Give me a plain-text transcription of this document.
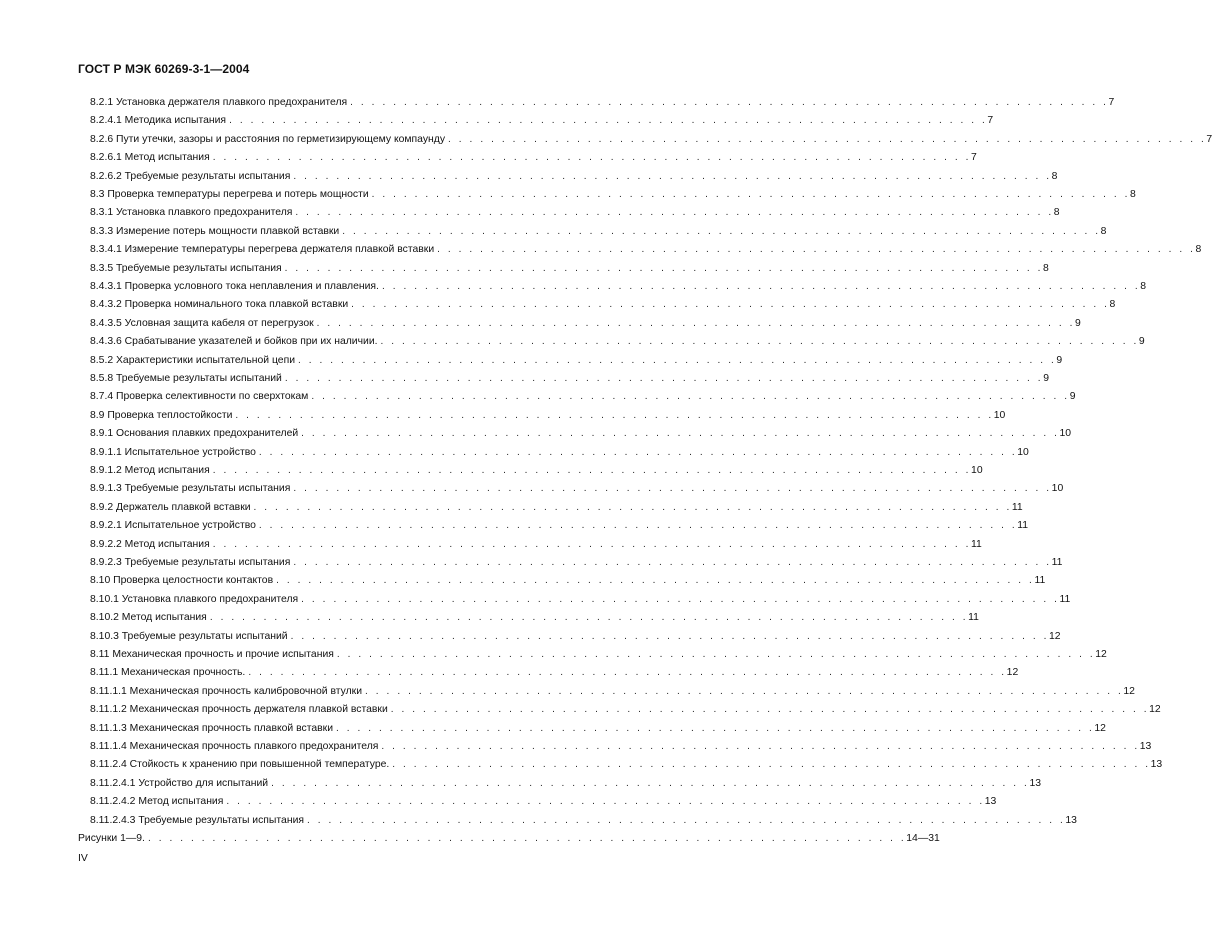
ГОСТ Р МЭК 60269-3-1—2004
8.2.1 Установка держателя плавкого предохранителя . . . . . . . . . . . . . . . . . . . . . . . . . . . . . . . . . . . . . . . . . . . . . . . . . . . . . . . . . . . . . . . . . . . . . . . 7
8.2.4.1 Методика испытания . . . . . . . . . . . . . . . . . . . . . . . . . . . . . . . . . . . . . . . . . . . . . . . . . . . . . . . . . . . . . . . . . . . . . . . 7
8.2.6 Пути утечки, зазоры и расстояния по герметизирующему компаунду . . . . . . . . . . . . . . . . . . . . . . . . . . . . . . . . . . . . . . . . . . . . . . . . . . . . . . . . . . . . . . . . . . . . . . . 7
8.2.6.1 Метод испытания . . . . . . . . . . . . . . . . . . . . . . . . . . . . . . . . . . . . . . . . . . . . . . . . . . . . . . . . . . . . . . . . . . . . . . . 7
8.2.6.2 Требуемые результаты испытания . . . . . . . . . . . . . . . . . . . . . . . . . . . . . . . . . . . . . . . . . . . . . . . . . . . . . . . . . . . . . . . . . . . . . . . 8
8.3 Проверка температуры перегрева и потерь мощности . . . . . . . . . . . . . . . . . . . . . . . . . . . . . . . . . . . . . . . . . . . . . . . . . . . . . . . . . . . . . . . . . . . . . . . 8
8.3.1 Установка плавкого предохранителя . . . . . . . . . . . . . . . . . . . . . . . . . . . . . . . . . . . . . . . . . . . . . . . . . . . . . . . . . . . . . . . . . . . . . . . 8
8.3.3 Измерение потерь мощности плавкой вставки . . . . . . . . . . . . . . . . . . . . . . . . . . . . . . . . . . . . . . . . . . . . . . . . . . . . . . . . . . . . . . . . . . . . . . . 8
8.3.4.1 Измерение температуры перегрева держателя плавкой вставки . . . . . . . . . . . . . . . . . . . . . . . . . . . . . . . . . . . . . . . . . . . . . . . . . . . . . . . . . . . . . . . . . . . . . . . 8
8.3.5 Требуемые результаты испытания . . . . . . . . . . . . . . . . . . . . . . . . . . . . . . . . . . . . . . . . . . . . . . . . . . . . . . . . . . . . . . . . . . . . . . . 8
8.4.3.1 Проверка условного тока неплавления и плавления. . . . . . . . . . . . . . . . . . . . . . . . . . . . . . . . . . . . . . . . . . . . . . . . . . . . . . . . . . . . . . . . . . . . . . . . 8
8.4.3.2 Проверка номинального тока плавкой вставки . . . . . . . . . . . . . . . . . . . . . . . . . . . . . . . . . . . . . . . . . . . . . . . . . . . . . . . . . . . . . . . . . . . . . . . 8
8.4.3.5 Условная защита кабеля от перегрузок . . . . . . . . . . . . . . . . . . . . . . . . . . . . . . . . . . . . . . . . . . . . . . . . . . . . . . . . . . . . . . . . . . . . . . . 9
8.4.3.6 Срабатывание указателей и бойков при их наличии. . . . . . . . . . . . . . . . . . . . . . . . . . . . . . . . . . . . . . . . . . . . . . . . . . . . . . . . . . . . . . . . . . . . . . . . 9
8.5.2 Характеристики испытательной цепи . . . . . . . . . . . . . . . . . . . . . . . . . . . . . . . . . . . . . . . . . . . . . . . . . . . . . . . . . . . . . . . . . . . . . . . 9
8.5.8 Требуемые результаты испытаний . . . . . . . . . . . . . . . . . . . . . . . . . . . . . . . . . . . . . . . . . . . . . . . . . . . . . . . . . . . . . . . . . . . . . . . 9
8.7.4 Проверка селективности по сверхтокам . . . . . . . . . . . . . . . . . . . . . . . . . . . . . . . . . . . . . . . . . . . . . . . . . . . . . . . . . . . . . . . . . . . . . . . 9
8.9 Проверка теплостойкости . . . . . . . . . . . . . . . . . . . . . . . . . . . . . . . . . . . . . . . . . . . . . . . . . . . . . . . . . . . . . . . . . . . . . . . 10
8.9.1 Основания плавких предохранителей . . . . . . . . . . . . . . . . . . . . . . . . . . . . . . . . . . . . . . . . . . . . . . . . . . . . . . . . . . . . . . . . . . . . . . . 10
8.9.1.1 Испытательное устройство . . . . . . . . . . . . . . . . . . . . . . . . . . . . . . . . . . . . . . . . . . . . . . . . . . . . . . . . . . . . . . . . . . . . . . . 10
8.9.1.2 Метод испытания . . . . . . . . . . . . . . . . . . . . . . . . . . . . . . . . . . . . . . . . . . . . . . . . . . . . . . . . . . . . . . . . . . . . . . . 10
8.9.1.3 Требуемые результаты испытания . . . . . . . . . . . . . . . . . . . . . . . . . . . . . . . . . . . . . . . . . . . . . . . . . . . . . . . . . . . . . . . . . . . . . . . 10
8.9.2 Держатель плавкой вставки . . . . . . . . . . . . . . . . . . . . . . . . . . . . . . . . . . . . . . . . . . . . . . . . . . . . . . . . . . . . . . . . . . . . . . . 11
8.9.2.1 Испытательное устройство . . . . . . . . . . . . . . . . . . . . . . . . . . . . . . . . . . . . . . . . . . . . . . . . . . . . . . . . . . . . . . . . . . . . . . . 11
8.9.2.2 Метод испытания . . . . . . . . . . . . . . . . . . . . . . . . . . . . . . . . . . . . . . . . . . . . . . . . . . . . . . . . . . . . . . . . . . . . . . . 11
8.9.2.3 Требуемые результаты испытания . . . . . . . . . . . . . . . . . . . . . . . . . . . . . . . . . . . . . . . . . . . . . . . . . . . . . . . . . . . . . . . . . . . . . . . 11
8.10 Проверка целостности контактов . . . . . . . . . . . . . . . . . . . . . . . . . . . . . . . . . . . . . . . . . . . . . . . . . . . . . . . . . . . . . . . . . . . . . . . 11
8.10.1 Установка плавкого предохранителя . . . . . . . . . . . . . . . . . . . . . . . . . . . . . . . . . . . . . . . . . . . . . . . . . . . . . . . . . . . . . . . . . . . . . . . 11
8.10.2 Метод испытания . . . . . . . . . . . . . . . . . . . . . . . . . . . . . . . . . . . . . . . . . . . . . . . . . . . . . . . . . . . . . . . . . . . . . . . 11
8.10.3 Требуемые результаты испытаний . . . . . . . . . . . . . . . . . . . . . . . . . . . . . . . . . . . . . . . . . . . . . . . . . . . . . . . . . . . . . . . . . . . . . . . 12
8.11 Механическая прочность и прочие испытания . . . . . . . . . . . . . . . . . . . . . . . . . . . . . . . . . . . . . . . . . . . . . . . . . . . . . . . . . . . . . . . . . . . . . . . 12
8.11.1 Механическая прочность. . . . . . . . . . . . . . . . . . . . . . . . . . . . . . . . . . . . . . . . . . . . . . . . . . . . . . . . . . . . . . . . . . . . . . . . 12
8.11.1.1 Механическая прочность калибровочной втулки . . . . . . . . . . . . . . . . . . . . . . . . . . . . . . . . . . . . . . . . . . . . . . . . . . . . . . . . . . . . . . . . . . . . . . . 12
8.11.1.2 Механическая прочность держателя плавкой вставки . . . . . . . . . . . . . . . . . . . . . . . . . . . . . . . . . . . . . . . . . . . . . . . . . . . . . . . . . . . . . . . . . . . . . . . 12
8.11.1.3 Механическая прочность плавкой вставки . . . . . . . . . . . . . . . . . . . . . . . . . . . . . . . . . . . . . . . . . . . . . . . . . . . . . . . . . . . . . . . . . . . . . . . 12
8.11.1.4 Механическая прочность плавкого предохранителя . . . . . . . . . . . . . . . . . . . . . . . . . . . . . . . . . . . . . . . . . . . . . . . . . . . . . . . . . . . . . . . . . . . . . . . 13
8.11.2.4 Стойкость к хранению при повышенной температуре. . . . . . . . . . . . . . . . . . . . . . . . . . . . . . . . . . . . . . . . . . . . . . . . . . . . . . . . . . . . . . . . . . . . . . . . 13
8.11.2.4.1 Устройство для испытаний . . . . . . . . . . . . . . . . . . . . . . . . . . . . . . . . . . . . . . . . . . . . . . . . . . . . . . . . . . . . . . . . . . . . . . . 13
8.11.2.4.2 Метод испытания . . . . . . . . . . . . . . . . . . . . . . . . . . . . . . . . . . . . . . . . . . . . . . . . . . . . . . . . . . . . . . . . . . . . . . . 13
8.11.2.4.3 Требуемые результаты испытания . . . . . . . . . . . . . . . . . . . . . . . . . . . . . . . . . . . . . . . . . . . . . . . . . . . . . . . . . . . . . . . . . . . . . . . 13
Рисунки 1—9. . . . . . . . . . . . . . . . . . . . . . . . . . . . . . . . . . . . . . . . . . . . . . . . . . . . . . . . . . . . . . . . . . . . . . . . 14—31
IV
